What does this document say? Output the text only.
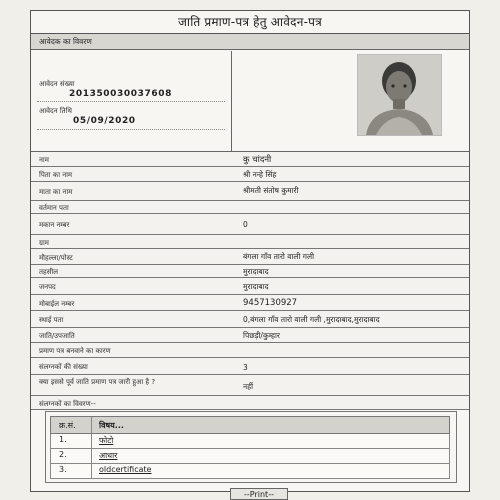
जाति प्रमाण-पत्र हेतु आवेदन-पत्र
आवेदक का विवरण
आवेदन संख्या
201350030037608
आवेदन तिथि
05/09/2020
नाम	कु चांदनी
पिता का नाम	श्री नन्हे सिंह
माता का नाम	श्रीमती संतोष कुमारी
वर्तमान पता
मकान नम्बर	0
ग्राम
मौहल्ला/पोस्ट	बंगला गाँव तारो वाली गली
तहसील	मुरादाबाद
जनपद	मुरादाबाद
मोबाईल नम्बर	9457130927
स्थाई पता	0,बंगला गाँव तारो वाली गली ,मुरादाबाद,मुरादाबाद
जाति/उपजाति	पिछड़ी/कुम्हार
प्रमाण पत्र बनवाने का कारण
संलग्नकों की संख्या	3
क्या इससे पूर्व जाति प्रमाण पत्र जारी हुआ है ?	नहीं
संलग्नकों का विवरण--
क्र.सं.	विषय...
1.	फोटो
2.	आधार
3.	oldcertificate
--Print--
